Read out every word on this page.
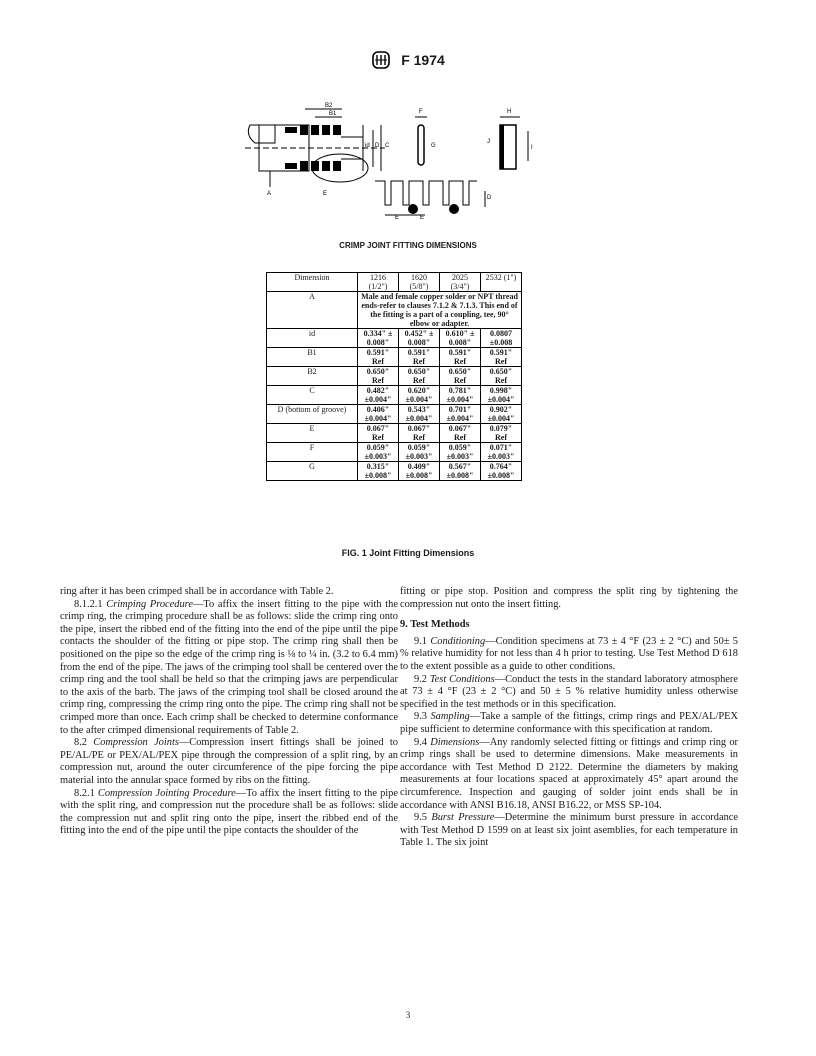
F 1974
B2
B1
id D C
A	E
F
G
H
J
I
D
E	E
CRIMP JOINT FITTING DIMENSIONS
Dimension	1216 (1/2")	1620 (5/8")	2025 (3/4")	2532 (1")
A	Male and female copper solder or NPT thread ends-refer to clauses 7.1.2 & 7.1.3. This end of the fitting is a part of a coupling, tee, 90° elbow or adapter.			
id	0.334" ± 0.008"	0.452" ± 0.008"	0.610" ± 0.008"	0.0807 ±0.008
B1	0.591" Ref	0.591" Ref	0.591" Ref	0.591" Ref
B2	0.650" Ref	0.650" Ref	0.650" Ref	0.650" Ref
C	0.482" ±0.004"	0.620" ±0.004"	0.781" ±0.004"	0.998" ±0.004"
D (bottom of groove)	0.406" ±0.004"	0.543" ±0.004"	0.701" ±0.004"	0.902" ±0.004"
E	0.067" Ref	0.067" Ref	0.067" Ref	0.079" Ref
F	0.059" ±0.003"	0.059" ±0.003"	0.059" ±0.003"	0.071" ±0.003"
G	0.315" ±0.008"	0.409" ±0.008"	0.567" ±0.008"	0.764" ±0.008"
FIG. 1 Joint Fitting Dimensions

ring after it has been crimped shall be in accordance with Table 2.

8.1.2.1 Crimping Procedure—To affix the insert fitting to the pipe with the crimp ring, the crimping procedure shall be as follows: slide the crimp ring onto the pipe, insert the ribbed end of the fitting into the end of the pipe until the pipe contacts the shoulder of the fitting or pipe stop. The crimp ring shall then be positioned on the pipe so the edge of the crimp ring is ⅛ to ¼ in. (3.2 to 6.4 mm) from the end of the pipe. The jaws of the crimping tool shall be centered over the crimp ring and the tool shall be held so that the crimping jaws are perpendicular to the axis of the barb. The jaws of the crimping tool shall be closed around the crimp ring, compressing the crimp ring onto the pipe. The crimp ring shall not be crimped more than once. Each crimp shall be checked to determine conformance to the after crimped dimensional requirements of Table 2.

8.2 Compression Joints—Compression insert fittings shall be joined to PE/AL/PE or PEX/AL/PEX pipe through the compression of a split ring, by an compression nut, around the outer circumference of the pipe forcing the pipe material into the annular space formed by ribs on the fitting.

8.2.1 Compression Jointing Procedure—To affix the insert fitting to the pipe with the split ring, and compression nut the procedure shall be as follows: slide the compression nut and split ring onto the pipe, insert the ribbed end of the fitting into the end of the pipe until the pipe contacts the shoulder of the

fitting or pipe stop. Position and compress the split ring by tightening the compression nut onto the insert fitting.

9. Test Methods

9.1 Conditioning—Condition specimens at 73 ± 4 °F (23 ± 2 °C) and 50± 5 % relative humidity for not less than 4 h prior to testing. Use Test Method D 618 to the extent possible as a guide to other conditions.

9.2 Test Conditions—Conduct the tests in the standard laboratory atmosphere at 73 ± 4 °F (23 ± 2 °C) and 50 ± 5 % relative humidity unless otherwise specified in the test methods or in this specification.

9.3 Sampling—Take a sample of the fittings, crimp rings and PEX/AL/PEX pipe sufficient to determine conformance with this specification at random.

9.4 Dimensions—Any randomly selected fitting or fittings and crimp ring or crimp rings shall be used to determine dimensions. Make measurements in accordance with Test Method D 2122. Determine the diameters by making measurements at four locations spaced at approximately 45° apart around the circumference. Inspection and gauging of solder joint ends shall be in accordance with ANSI B16.18, ANSI B16.22, or MSS SP-104.

9.5 Burst Pressure—Determine the minimum burst pressure in accordance with Test Method D 1599 on at least six joint asemblies, for each temperature in Table 1. The six joint

3
